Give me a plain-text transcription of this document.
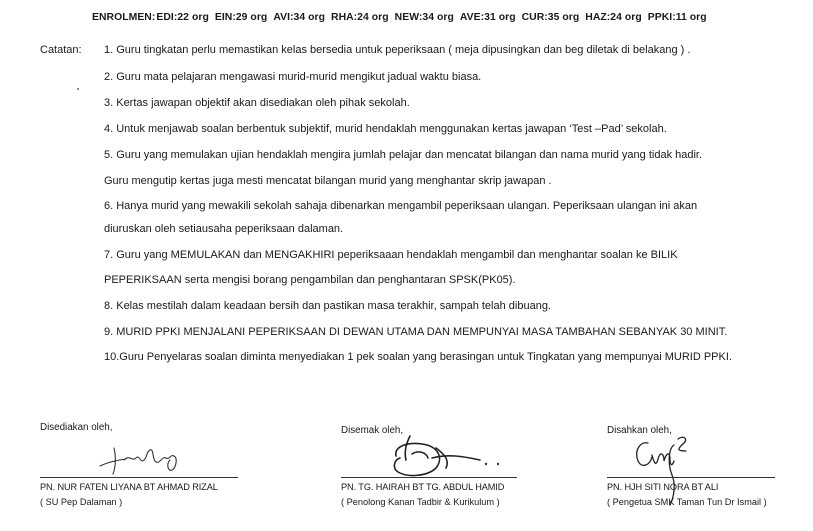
ENROLMEN:EDI:22 org EIN:29 org AVI:34 org RHA:24 org NEW:34 org AVE:31 org CUR:35 org HAZ:24 org PPKI:11 org
Catatan: 1. Guru tingkatan perlu memastikan kelas bersedia untuk peperiksaan ( meja dipusingkan dan beg diletak di belakang ) .
2. Guru mata pelajaran mengawasi murid-murid mengikut jadual waktu biasa.
3. Kertas jawapan objektif akan disediakan oleh pihak sekolah.
4. Untuk menjawab soalan berbentuk subjektif, murid hendaklah menggunakan kertas jawapan ‘Test –Pad’ sekolah.
5. Guru yang memulakan ujian hendaklah mengira jumlah pelajar dan mencatat bilangan dan nama murid yang tidak hadir.
Guru mengutip kertas juga mesti mencatat bilangan murid yang menghantar skrip jawapan .
6. Hanya murid yang mewakili sekolah sahaja dibenarkan mengambil peperiksaan ulangan. Peperiksaan ulangan ini akan
diuruskan oleh setiausaha peperiksaan dalaman.
7. Guru yang MEMULAKAN dan MENGAKHIRI peperiksaaan hendaklah mengambil dan menghantar soalan ke BILIK
PEPERIKSAAN serta mengisi borang pengambilan dan penghantaran SPSK(PK05).
8. Kelas mestilah dalam keadaan bersih dan pastikan masa terakhir, sampah telah dibuang.
9. MURID PPKI MENJALANI PEPERIKSAAN DI DEWAN UTAMA DAN MEMPUNYAI MASA TAMBAHAN SEBANYAK 30 MINIT.
10.Guru Penyelaras soalan diminta menyediakan 1 pek soalan yang berasingan untuk Tingkatan yang mempunyai MURID PPKI.
Disediakan oleh,
PN. NUR FATEN LIYANA BT AHMAD RIZAL
( SU Pep Dalaman )
Disemak oleh,
PN. TG. HAIRAH BT TG. ABDUL HAMID
( Penolong Kanan Tadbir & Kurikulum )
Disahkan oleh,
PN. HJH SITI NORA BT ALI
( Pengetua SMK Taman Tun Dr Ismail )
